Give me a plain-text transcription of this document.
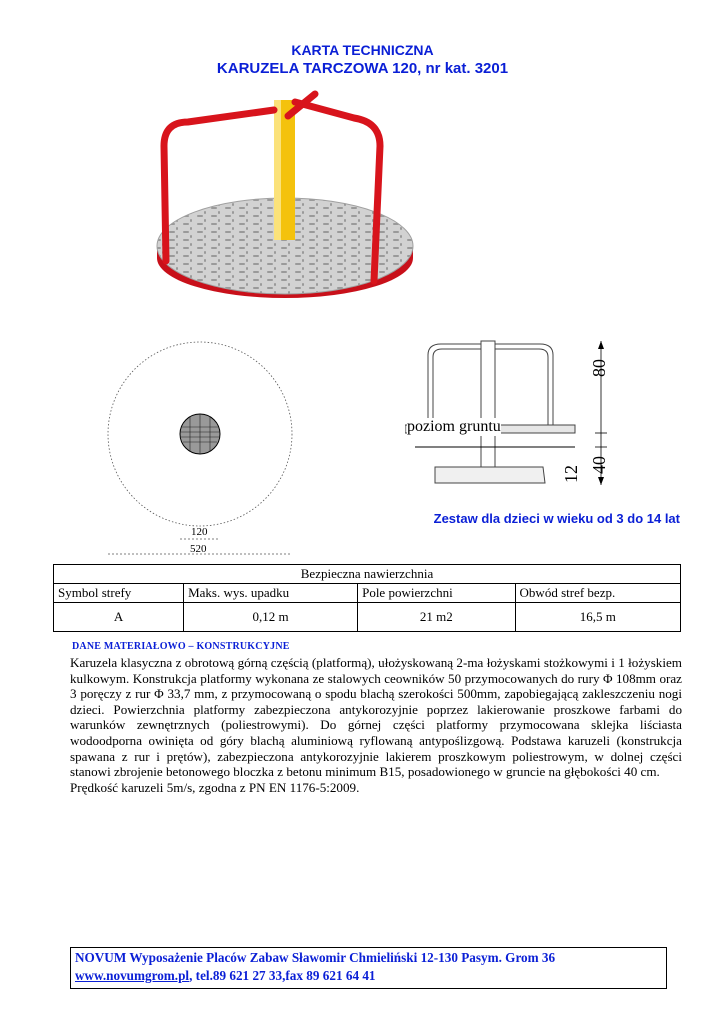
KARTA TECHNICZNA
KARUZELA TARCZOWA 120, nr kat. 3201
120
520
poziom gruntu
80
40
12
Zestaw dla dzieci w wieku od 3 do 14 lat
Bezpieczna nawierzchnia			
Symbol strefy	Maks. wys. upadku	Pole powierzchni	Obwód stref bezp.
A	0,12 m	21 m2	16,5 m
DANE MATERIAŁOWO – KONSTRUKCYJNE

Karuzela klasyczna z obrotową górną częścią (platformą), ułożyskowaną 2-ma łożyskami stożkowymi i 1 łożyskiem kulkowym. Konstrukcja platformy wykonana ze stalowych ceowników 50 przymocowanych do rury Φ 108mm oraz 3 poręczy z rur Φ 33,7 mm, z przymocowaną o spodu blachą szerokości 500mm, zapobiegającą zakleszczeniu nogi dzieci. Powierzchnia platformy zabezpieczona antykorozyjnie poprzez lakierowanie proszkowe farbami do warunków zewnętrznych (poliestrowymi). Do górnej części platformy przymocowana sklejka liściasta wodoodporna owinięta od góry blachą aluminiową ryflowaną antypoślizgową. Podstawa karuzeli (konstrukcja spawana z rur i prętów), zabezpieczona antykorozyjnie lakierem proszkowym poliestrowym, w dolnej części stanowi zbrojenie betonowego bloczka z betonu minimum B15, posadowionego w gruncie na głębokości 40 cm.

Prędkość karuzeli 5m/s, zgodna z PN EN 1176-5:2009.

NOVUM Wyposażenie Placów Zabaw Sławomir Chmieliński 12-130 Pasym. Grom 36
www.novumgrom.pl, tel.89 621 27 33,fax 89 621 64 41
